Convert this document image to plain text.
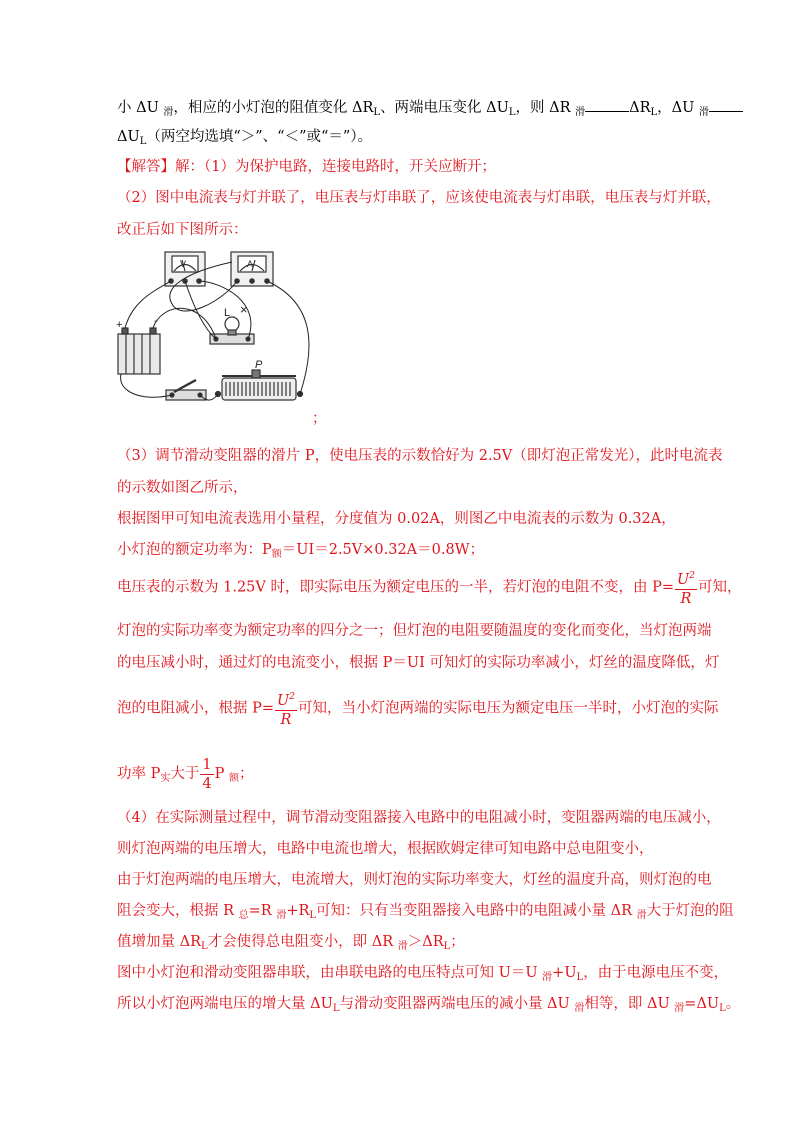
小 ΔU $_滑$，相应的小灯泡的阻值变化 $\Delta R_L$、两端电压变化 $\Delta U_L$，则 ΔR $_滑$	$\Delta R_L$，ΔU $_滑$
$\Delta U_L$（两空均选填“＞”、“＜”或“＝”）。
【解答】解：（1）为保护电路，连接电路时，开关应断开；
（2）图中电流表与灯并联了，电压表与灯串联了，应该使电流表与灯串联，电压表与灯并联，
改正后如下图所示：
V	A
L ×
+	-
P
；
（3）调节滑动变阻器的滑片 P，使电压表的示数恰好为 2.5V（即灯泡正常发光），此时电流表
的示数如图乙所示，
根据图甲可知电流表选用小量程，分度值为 0.02A，则图乙中电流表的示数为 0.32A，
小灯泡的额定功率为：$P_额=UI=2.5V\times 0.32A=0.8W$；
电压表的示数为 1.25V 时，即实际电压为额定电压的一半，若灯泡的电阻不变，由 $P= \frac{U^2}{R}$ 可知，
灯泡的实际功率变为额定功率的四分之一；但灯泡的电阻要随温度的变化而变化，当灯泡两端
的电压减小时，通过灯的电流变小，根据 P＝UI 可知灯的实际功率减小，灯丝的温度降低，灯
泡的电阻减小，根据 $P= \frac{U^2}{R}$ 可知，当小灯泡两端的实际电压为额定电压一半时，小灯泡的实际
功率 $P_实$大于 $\frac{1}{4}$ P $_额$；
（4）在实际测量过程中，调节滑动变阻器接入电路中的电阻减小时，变阻器两端的电压减小，
则灯泡两端的电压增大，电路中电流也增大，根据欧姆定律可知电路中总电阻变小，
由于灯泡两端的电压增大，电流增大，则灯泡的实际功率变大，灯丝的温度升高，则灯泡的电
阻会变大，根据 R $_总$=R $_滑+R_L$可知：只有当变阻器接入电路中的电阻减小量 ΔR $_滑$大于灯泡的阻
值增加量 $\Delta R_L$才会使得总电阻变小，即 ΔR $_滑>\Delta R_L$；
图中小灯泡和滑动变阻器串联，由串联电路的电压特点可知 U＝U $_滑+U_L$，由于电源电压不变，
所以小灯泡两端电压的增大量 $\Delta U_L$与滑动变阻器两端电压的减小量 ΔU $_滑$相等，即 ΔU $_滑=\Delta U_L$。
